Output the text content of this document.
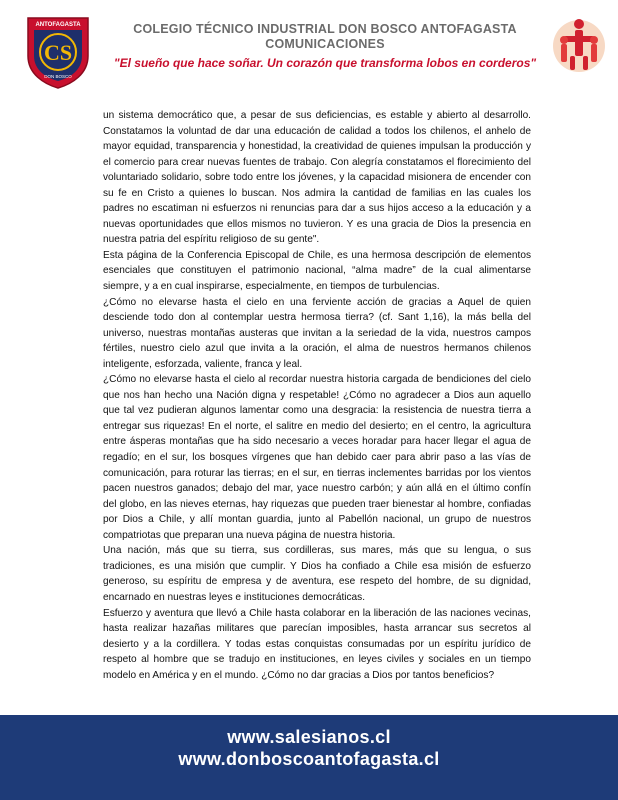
ANTOFAGASTA
CS
DON BOSCO
COLEGIO TÉCNICO INDUSTRIAL DON BOSCO ANTOFAGASTA
COMUNICACIONES
"El sueño que hace soñar. Un corazón que transforma lobos en corderos"

un sistema democrático que, a pesar de sus deficiencias, es estable y abierto al desarrollo. Constatamos la voluntad de dar una educación de calidad a todos los chilenos, el anhelo de mayor equidad, transparencia y honestidad, la creatividad de quienes impulsan la producción y el comercio para crear nuevas fuentes de trabajo. Con alegría constatamos el florecimiento del voluntariado solidario, sobre todo entre los jóvenes, y la capacidad misionera de encender con su fe en Cristo a quienes lo buscan. Nos admira la cantidad de familias en las cuales los padres no escatiman ni esfuerzos ni renuncias para dar a sus hijos acceso a la educación y a nuevas oportunidades que ellos mismos no tuvieron. Y es una gracia de Dios la presencia en nuestra patria del espíritu religioso de su gente".

Esta página de la Conferencia Episcopal de Chile, es una hermosa descripción de elementos esenciales que constituyen el patrimonio nacional, “alma madre” de la cual alimentarse siempre, y a en cual inspirarse, especialmente, en tiempos de turbulencias.

¿Cómo no elevarse hasta el cielo en una ferviente acción de gracias a Aquel de quien desciende todo don al contemplar uestra hermosa tierra? (cf. Sant 1,16), la más bella del universo, nuestras montañas austeras que invitan a la seriedad de la vida, nuestros campos fértiles, nuestro cielo azul que invita a la oración, el alma de nuestros hermanos chilenos inteligente, esforzada, valiente, franca y leal.

¿Cómo no elevarse hasta el cielo al recordar nuestra historia cargada de bendiciones del cielo que nos han hecho una Nación digna y respetable! ¿Cómo no agradecer a Dios aun aquello que tal vez pudieran algunos lamentar como una desgracia: la resistencia de nuestra tierra a entregar sus riquezas! En el norte, el salitre en medio del desierto; en el centro, la agricultura entre ásperas montañas que ha sido necesario a veces horadar para hacer llegar el agua de regadío; en el sur, los bosques vírgenes que han debido caer para abrir paso a las vías de comunicación, para roturar las tierras; en el sur, en tierras inclementes barridas por los vientos pacen nuestros ganados; debajo del mar, yace nuestro carbón; y aún allá en el último confín del globo, en las nieves eternas, hay riquezas que pueden traer bienestar al hombre, confiadas por Dios a Chile, y allí montan guardia, junto al Pabellón nacional, un grupo de nuestros compatriotas que preparan una nueva página de nuestra historia.

Una nación, más que su tierra, sus cordilleras, sus mares, más que su lengua, o sus tradiciones, es una misión que cumplir. Y Dios ha confiado a Chile esa misión de esfuerzo generoso, su espíritu de empresa y de aventura, ese respeto del hombre, de su dignidad, encarnado en nuestras leyes e instituciones democráticas.

Esfuerzo y aventura que llevó a Chile hasta colaborar en la liberación de las naciones vecinas, hasta realizar hazañas militares que parecían imposibles, hasta arrancar sus secretos al desierto y a la cordillera. Y todas estas conquistas consumadas por un espíritu jurídico de respeto al hombre que se tradujo en instituciones, en leyes civiles y sociales en un tiempo modelo en América y en el mundo. ¿Cómo no dar gracias a Dios por tantos beneficios?

www.salesianos.cl
www.donboscoantofagasta.cl
